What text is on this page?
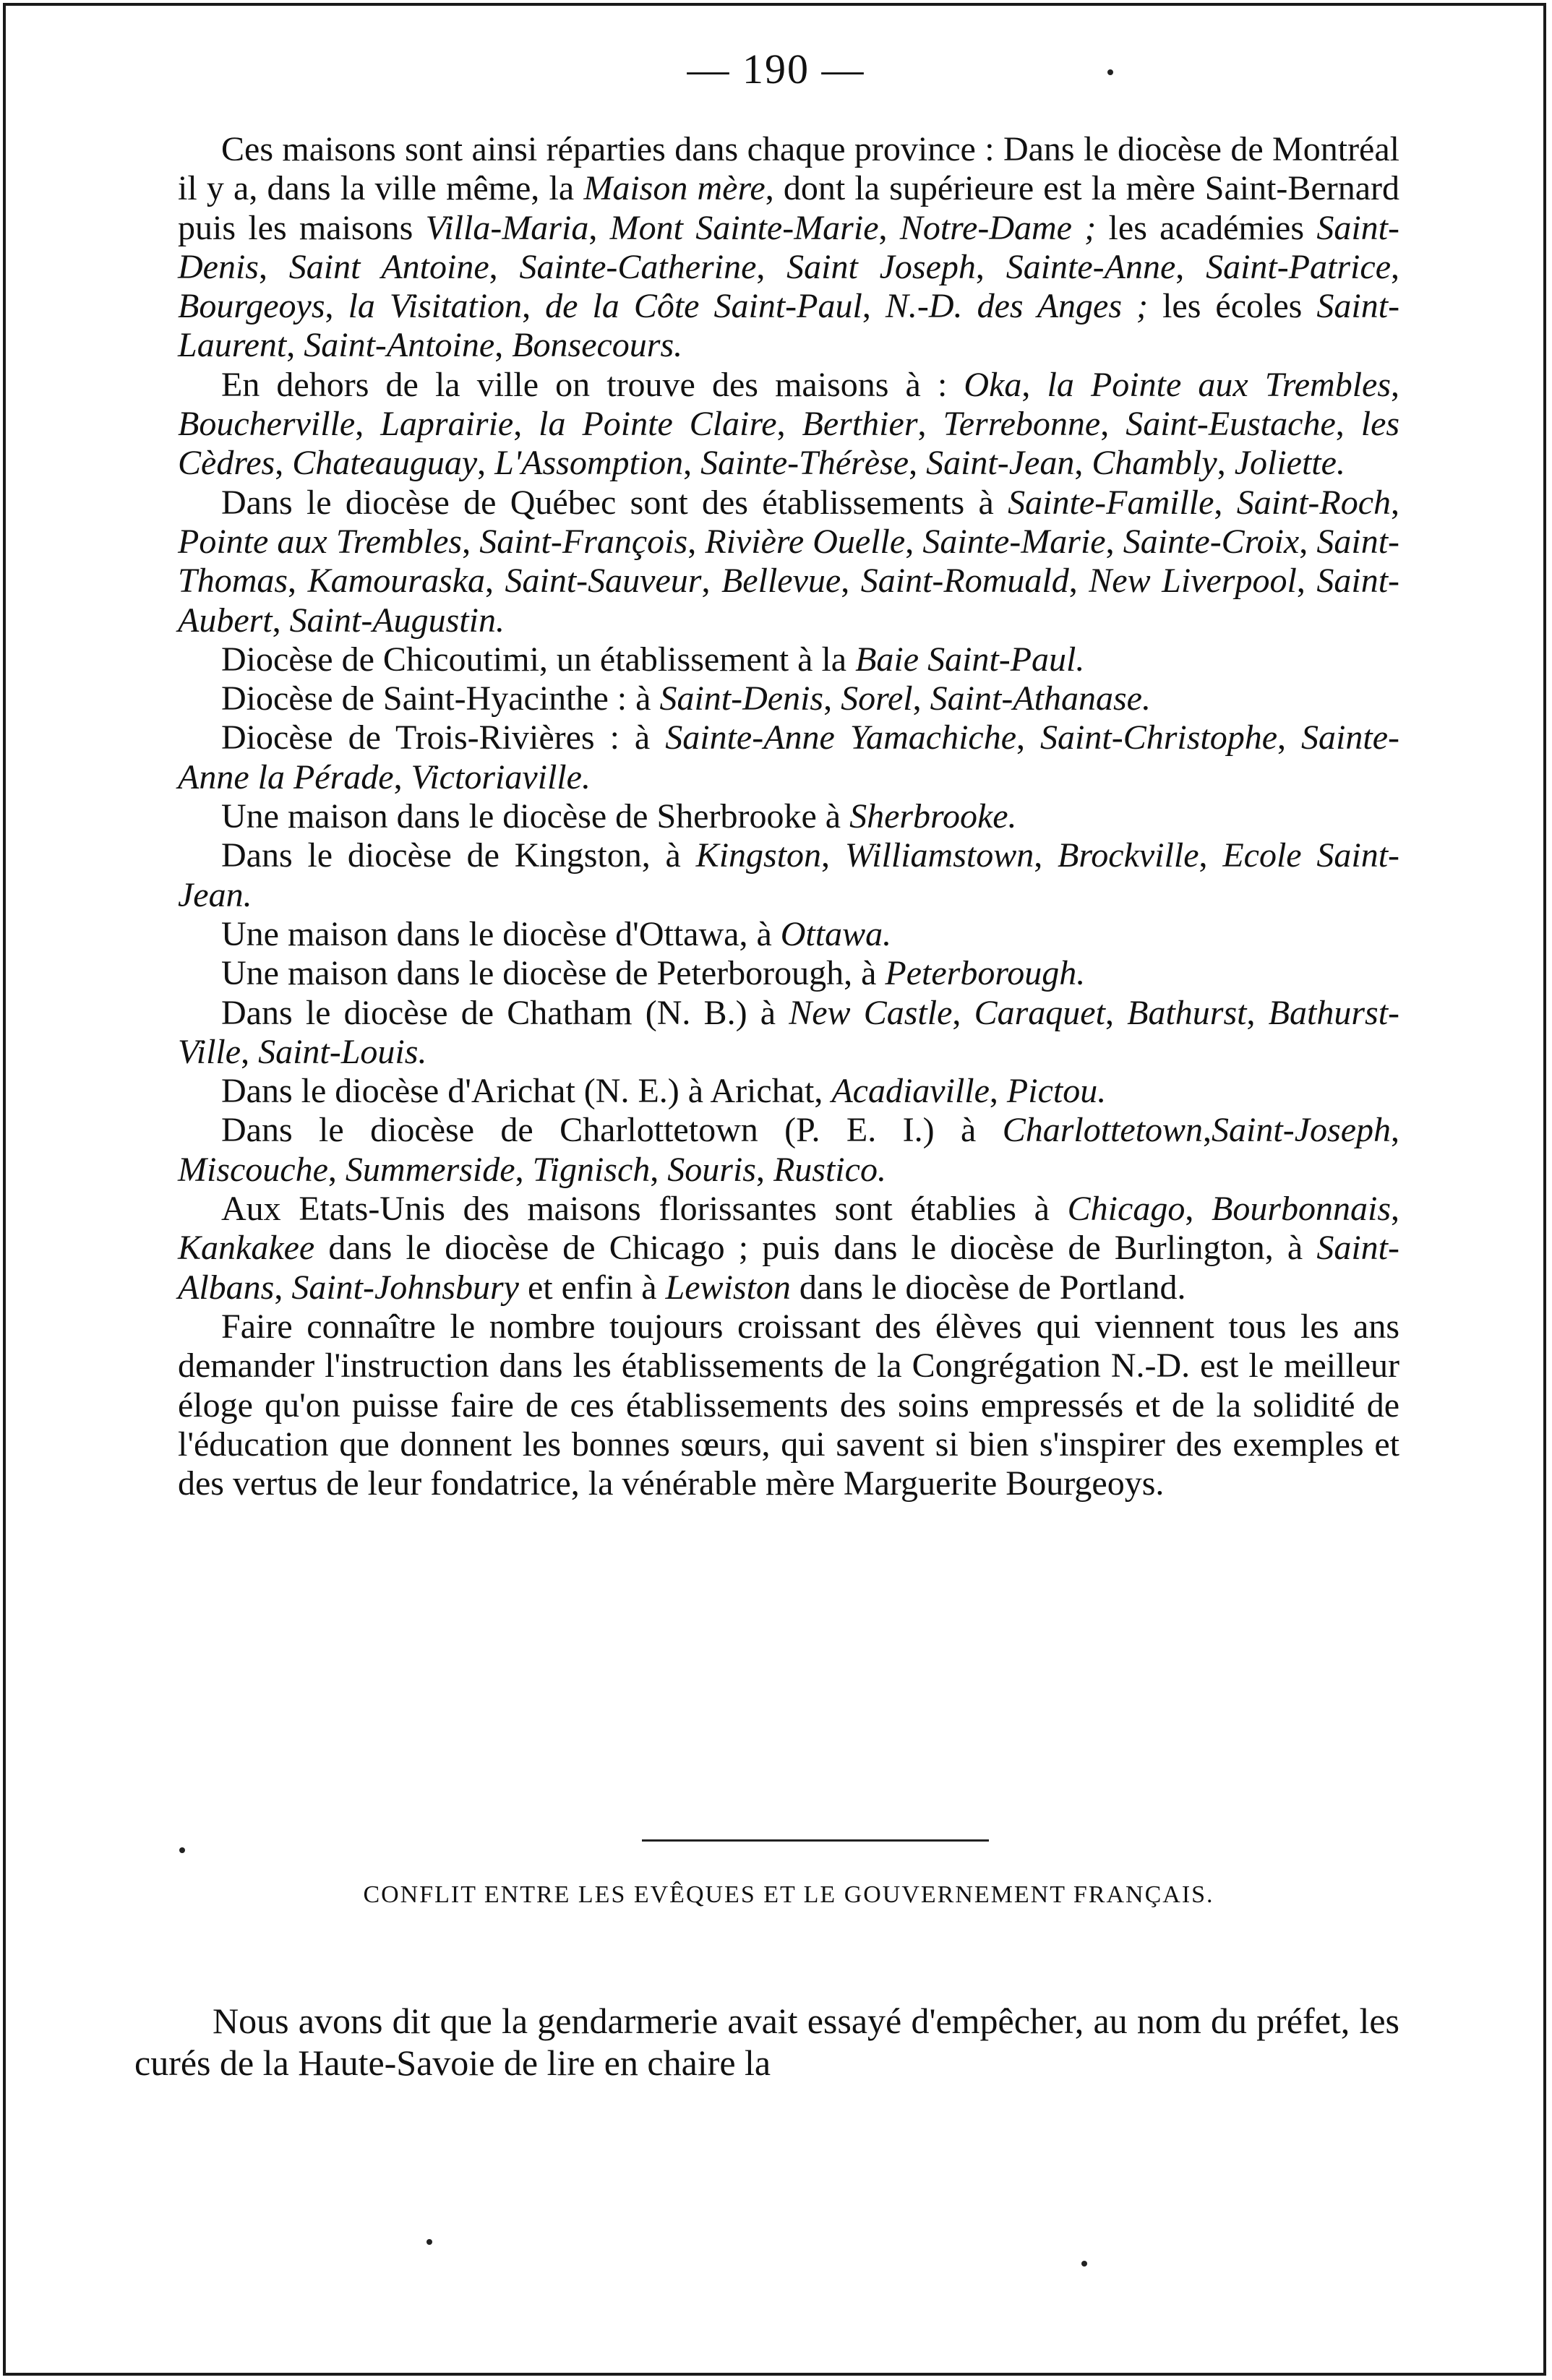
— 190 —

Ces maisons sont ainsi réparties dans chaque province : Dans le diocèse de Montréal il y a, dans la ville même, la Maison mère, dont la supérieure est la mère Saint-Bernard puis les maisons Villa-Maria, Mont Sainte-Marie, Notre-Dame ; les académies Saint-Denis, Saint Antoine, Sainte-Catherine, Saint Joseph, Sainte-Anne, Saint-Patrice, Bourgeoys, la Visitation, de la Côte Saint-Paul, N.-D. des Anges ; les écoles Saint-Laurent, Saint-Antoine, Bonsecours.

En dehors de la ville on trouve des maisons à : Oka, la Pointe aux Trembles, Boucherville, Laprairie, la Pointe Claire, Berthier, Terrebonne, Saint-Eustache, les Cèdres, Chateauguay, L'Assomption, Sainte-Thérèse, Saint-Jean, Chambly, Joliette.

Dans le diocèse de Québec sont des établissements à Sainte-Famille, Saint-Roch, Pointe aux Trembles, Saint-François, Rivière Ouelle, Sainte-Marie, Sainte-Croix, Saint-Thomas, Kamouraska, Saint-Sauveur, Bellevue, Saint-Romuald, New Liverpool, Saint-Aubert, Saint-Augustin.

Diocèse de Chicoutimi, un établissement à la Baie Saint-Paul.

Diocèse de Saint-Hyacinthe : à Saint-Denis, Sorel, Saint-Athanase.

Diocèse de Trois-Rivières : à Sainte-Anne Yamachiche, Saint-Christophe, Sainte-Anne la Pérade, Victoriaville.

Une maison dans le diocèse de Sherbrooke à Sherbrooke.

Dans le diocèse de Kingston, à Kingston, Williamstown, Brockville, Ecole Saint-Jean.

Une maison dans le diocèse d'Ottawa, à Ottawa.

Une maison dans le diocèse de Peterborough, à Peterborough.

Dans le diocèse de Chatham (N. B.) à New Castle, Caraquet, Bathurst, Bathurst-Ville, Saint-Louis.

Dans le diocèse d'Arichat (N. E.) à Arichat, Acadiaville, Pictou.

Dans le diocèse de Charlottetown (P. E. I.) à Charlottetown,Saint-Joseph, Miscouche, Summerside, Tignisch, Souris, Rustico.

Aux Etats-Unis des maisons florissantes sont établies à Chicago, Bourbonnais, Kankakee dans le diocèse de Chicago ; puis dans le diocèse de Burlington, à Saint-Albans, Saint-Johnsbury et enfin à Lewiston dans le diocèse de Portland.

Faire connaître le nombre toujours croissant des élèves qui viennent tous les ans demander l'instruction dans les établissements de la Congrégation N.-D. est le meilleur éloge qu'on puisse faire de ces établissements des soins empressés et de la solidité de l'éducation que donnent les bonnes sœurs, qui savent si bien s'inspirer des exemples et des vertus de leur fondatrice, la vénérable mère Marguerite Bourgeoys.

CONFLIT ENTRE LES EVÊQUES ET LE GOUVERNEMENT FRANÇAIS.

Nous avons dit que la gendarmerie avait essayé d'empêcher, au nom du préfet, les curés de la Haute-Savoie de lire en chaire la
